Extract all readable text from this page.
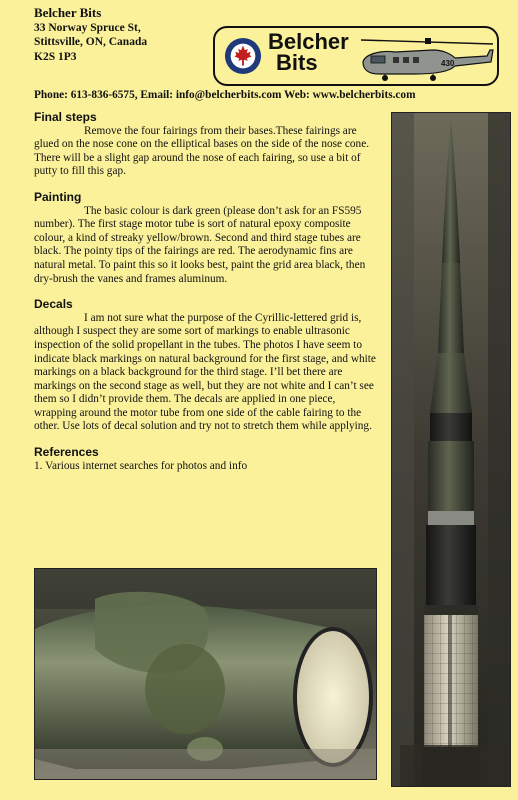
Belcher Bits
33 Norway Spruce St,
Stittsville, ON, Canada
K2S 1P3
Phone: 613-836-6575, Email: info@belcherbits.com Web: www.belcherbits.com
Belcher
Bits	430
Final steps

Remove the four fairings from their bases.These fairings are glued on the nose cone on the elliptical bases on the side of the nose cone. There will be a slight gap around the nose of each fairing, so use a bit of putty to fill this gap.

Painting

The basic colour is dark green (please don’t ask for an FS595 number). The first stage motor tube is sort of natural epoxy composite colour, a kind of streaky yellow/brown. Second and third stage tubes are black. The pointy tips of the fairings are red. The aerodynamic fins are natural metal. To paint this so it looks best, paint the grid area black, then dry-brush the vanes and frames aluminum.

Decals

I am not sure what the purpose of the Cyrillic-lettered grid is, although I suspect they are some sort of markings to enable ultrasonic inspection of the solid propellant in the tubes. The photos I have seem to indicate black markings on natural background for the first stage, and white markings on a black background for the third stage. I’ll bet there are markings on the second stage as well, but they are not white and I can’t see them so I didn’t provide them. The decals are applied in one piece, wrapping around the motor tube from one side of the cable fairing to the other. Use lots of decal solution and try not to stretch them while applying.

References

1. Various internet searches for photos and info
